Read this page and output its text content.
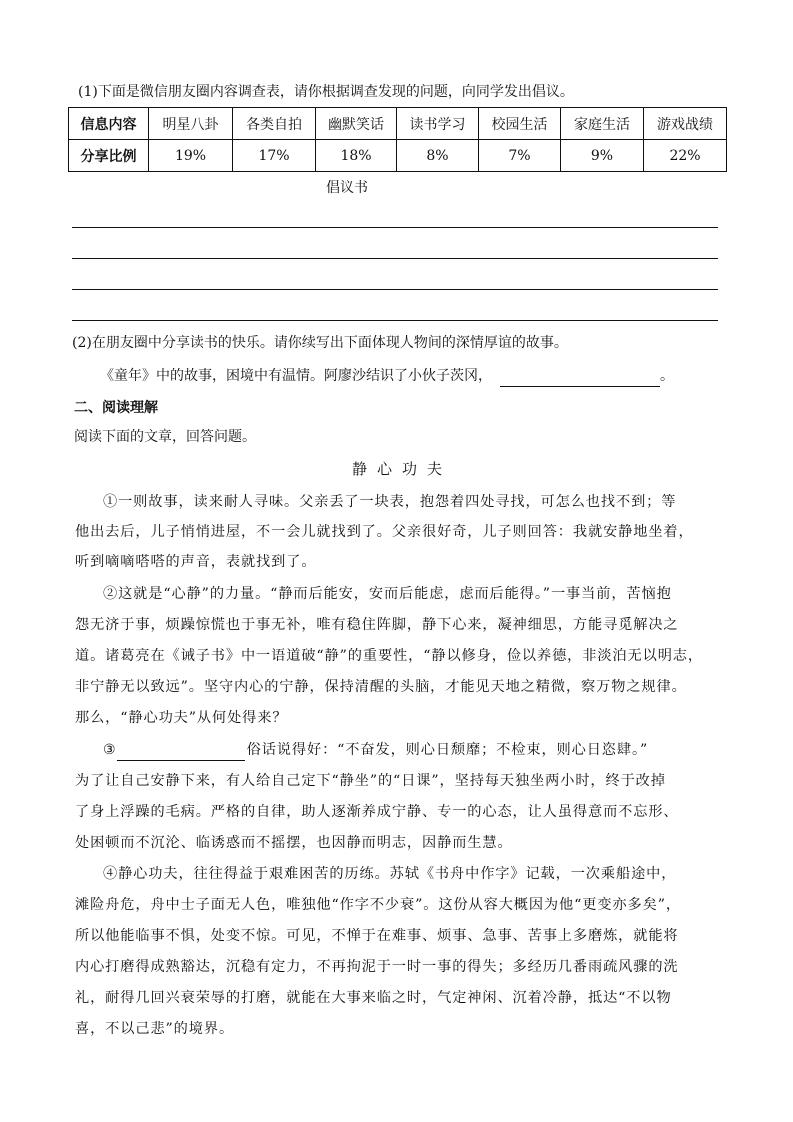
(1)下面是微信朋友圈内容调查表，请你根据调查发现的问题，向同学发出倡议。
信息内容	明星八卦	各类自拍	幽默笑话	读书学习	校园生活	家庭生活	游戏战绩
分享比例	19%	17%	18%	8%	7%	9%	22%
倡议书
(2)在朋友圈中分享读书的快乐。请你续写出下面体现人物间的深情厚谊的故事。
《童年》中的故事，困境中有温情。阿廖沙结识了小伙子茨冈，	。
二、阅读理解
阅读下面的文章，回答问题。
静心功夫
①一则故事，读来耐人寻味。父亲丢了一块表，抱怨着四处寻找，可怎么也找不到；等
他出去后，儿子悄悄进屋，不一会儿就找到了。父亲很好奇，儿子则回答：我就安静地坐着，
听到嘀嘀嗒嗒的声音，表就找到了。
②这就是“心静”的力量。“静而后能安，安而后能虑，虑而后能得。”一事当前，苦恼抱
怨无济于事，烦躁惊慌也于事无补，唯有稳住阵脚，静下心来，凝神细思，方能寻觅解决之
道。诸葛亮在《诫子书》中一语道破“静”的重要性，“静以修身，俭以养德，非淡泊无以明志，
非宁静无以致远”。坚守内心的宁静，保持清醒的头脑，才能见天地之精微，察万物之规律。
那么，“静心功夫”从何处得来？
③	俗话说得好：“不奋发，则心日颓靡；不检束，则心日恣肆。”
为了让自己安静下来，有人给自己定下“静坐”的“日课”，坚持每天独坐两小时，终于改掉
了身上浮躁的毛病。严格的自律，助人逐渐养成宁静、专一的心态，让人虽得意而不忘形、
处困顿而不沉沦、临诱惑而不摇摆，也因静而明志，因静而生慧。
④静心功夫，往往得益于艰难困苦的历练。苏轼《书舟中作字》记载，一次乘船途中，
滩险舟危，舟中士子面无人色，唯独他“作字不少衰”。这份从容大概因为他“更变亦多矣”，
所以他能临事不惧，处变不惊。可见，不惮于在难事、烦事、急事、苦事上多磨炼，就能将
内心打磨得成熟豁达，沉稳有定力，不再拘泥于一时一事的得失；多经历几番雨疏风骤的洗
礼，耐得几回兴衰荣辱的打磨，就能在大事来临之时，气定神闲、沉着冷静，抵达“不以物
喜，不以己悲”的境界。
